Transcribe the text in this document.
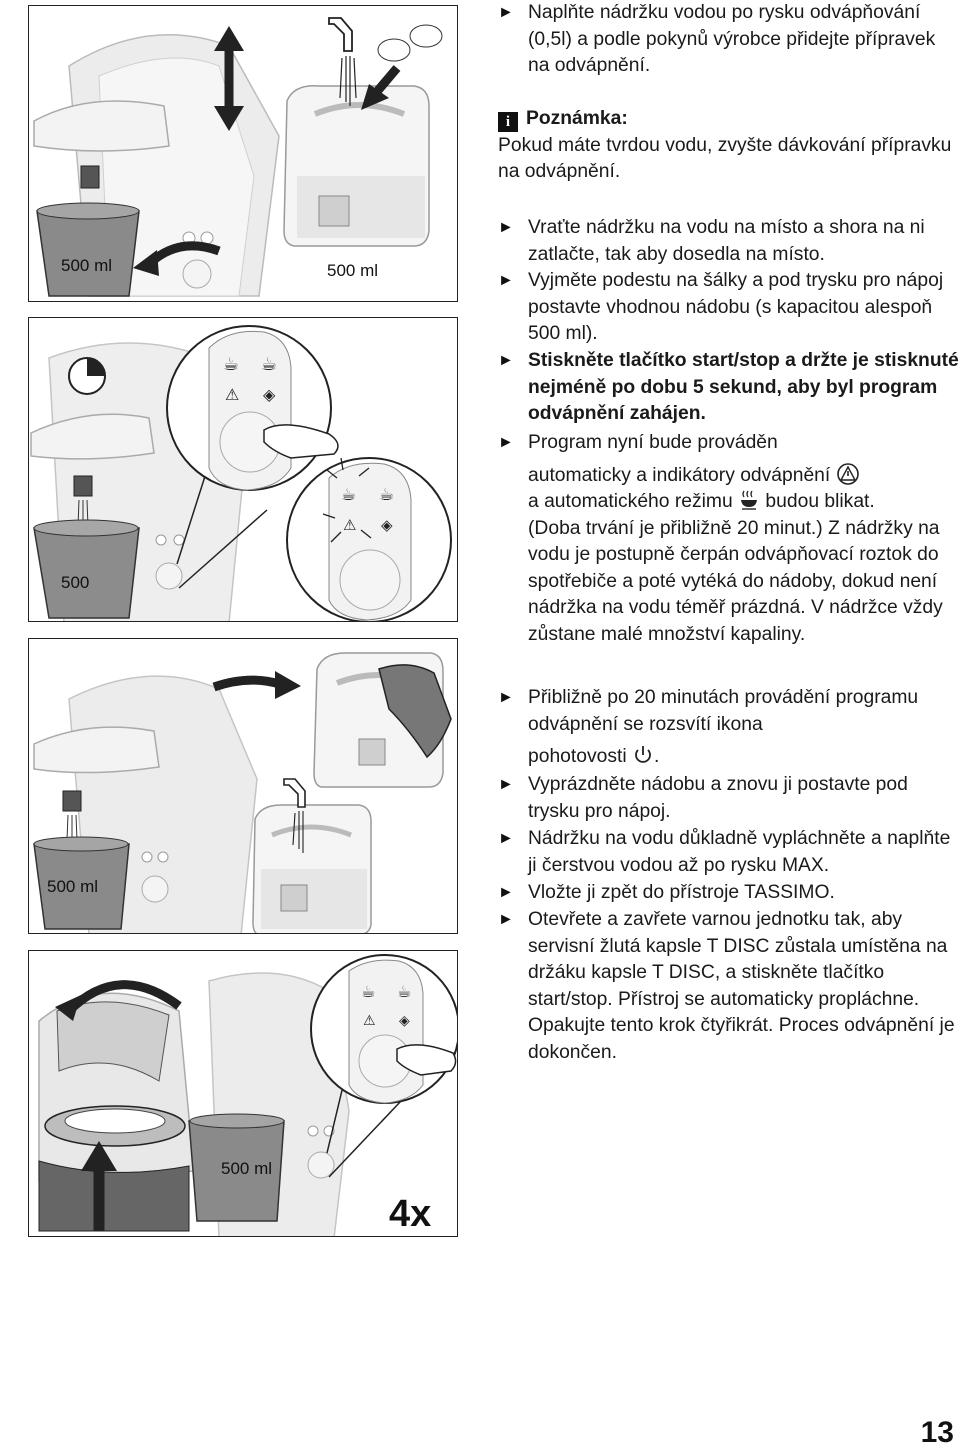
500 ml	500 ml
☕ ☕
⚠ ◈
☕ ☕
⚠ ◈
500
500 ml
☕ ☕
⚠ ◈
500 ml
4x
► Naplňte nádržku vodou po rysku odvápňování (0,5l) a podle pokynů výrobce přidejte přípravek na odvápnění.
i Poznámka:
Pokud máte tvrdou vodu, zvyšte dávkování přípravku na odvápnění.
► Vraťte nádržku na vodu na místo a shora na ni zatlačte, tak aby dosedla na místo.
► Vyjměte podestu na šálky a pod trysku pro nápoj postavte vhodnou nádobu (s kapacitou alespoň 500 ml).
► Stiskněte tlačítko start/stop a držte je stisknuté nejméně po dobu 5 sekund, aby byl program odvápnění zahájen.
► Program nyní bude prováděn
automaticky a indikátory odvápnění
a automatického režimu budou blikat.
(Doba trvání je přibližně 20 minut.) Z nádržky na vodu je postupně čerpán odvápňovací roztok do spotřebiče a poté vytéká do nádoby, dokud není nádržka na vodu téměř prázdná. V nádržce vždy zůstane malé množství kapaliny.
► Přibližně po 20 minutách provádění programu odvápnění se rozsvítí ikona
pohotovosti .
► Vyprázdněte nádobu a znovu ji postavte pod trysku pro nápoj.
► Nádržku na vodu důkladně vypláchněte a naplňte ji čerstvou vodou až po rysku MAX.
► Vložte ji zpět do přístroje TASSIMO.
► Otevřete a zavřete varnou jednotku tak, aby servisní žlutá kapsle T DISC zůstala umístěna na držáku kapsle T DISC, a stiskněte tlačítko start/stop. Přístroj se automaticky propláchne. Opakujte tento krok čtyřikrát. Proces odvápnění je dokončen.
13
